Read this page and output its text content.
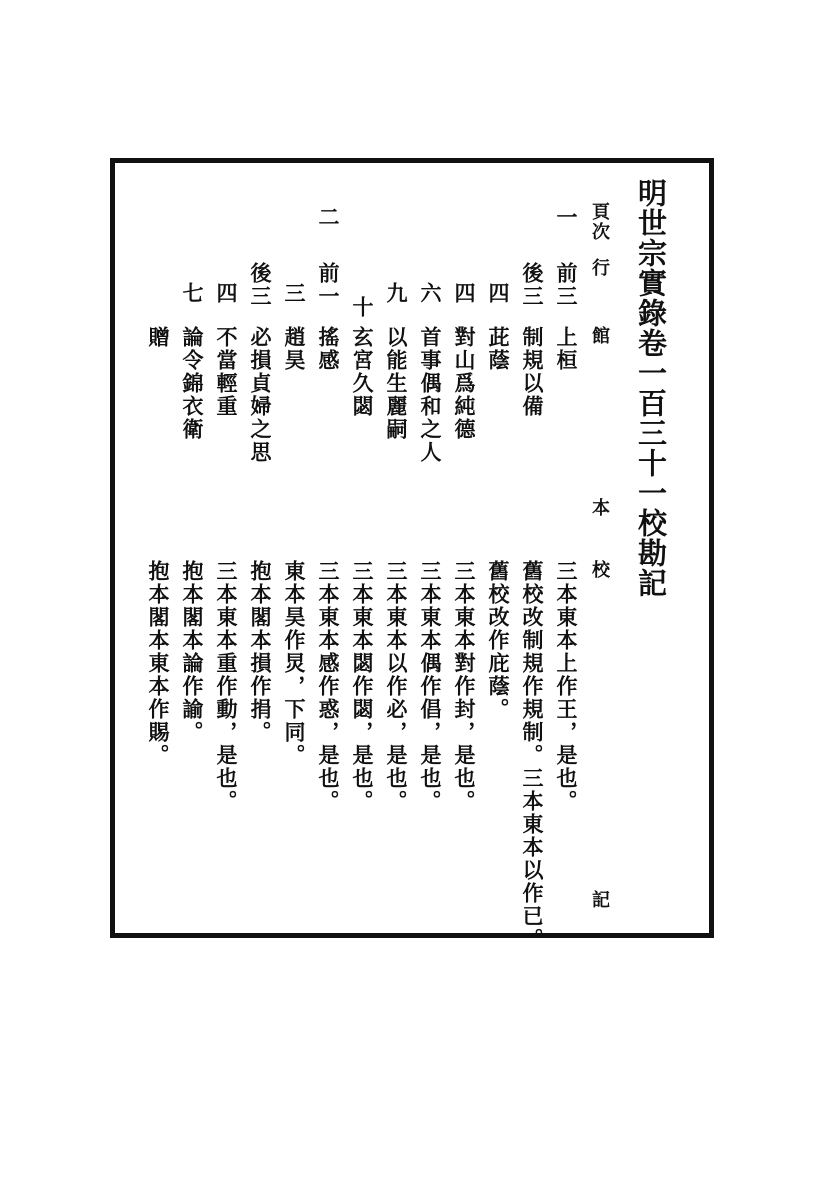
明世宗實錄卷一百三十一校勘記
頁次
行
館
本
校
記
一
二
前三
上桓
三本東本上作王，是也。
後三
制規以備
舊校改制規作規制。三本東本以作已。
四
茈蔭
舊校改作庇蔭。
四
對山爲純德
三本東本對作封，是也。
六
首事偶和之人
三本東本偶作倡，是也。
九
以能生麗嗣
三本東本以作必，是也。
十
玄宮久閟
三本東本閟作閟，是也。
前一
搖感
三本東本感作惑，是也。
三
趙昊
東本昊作炅，下同。
後三
必損貞婦之思
抱本閣本損作捐。
四
不當輕重
三本東本重作動，是也。
七
論令錦衣衛
抱本閣本論作諭。
贈
抱本閣本東本作賜。
